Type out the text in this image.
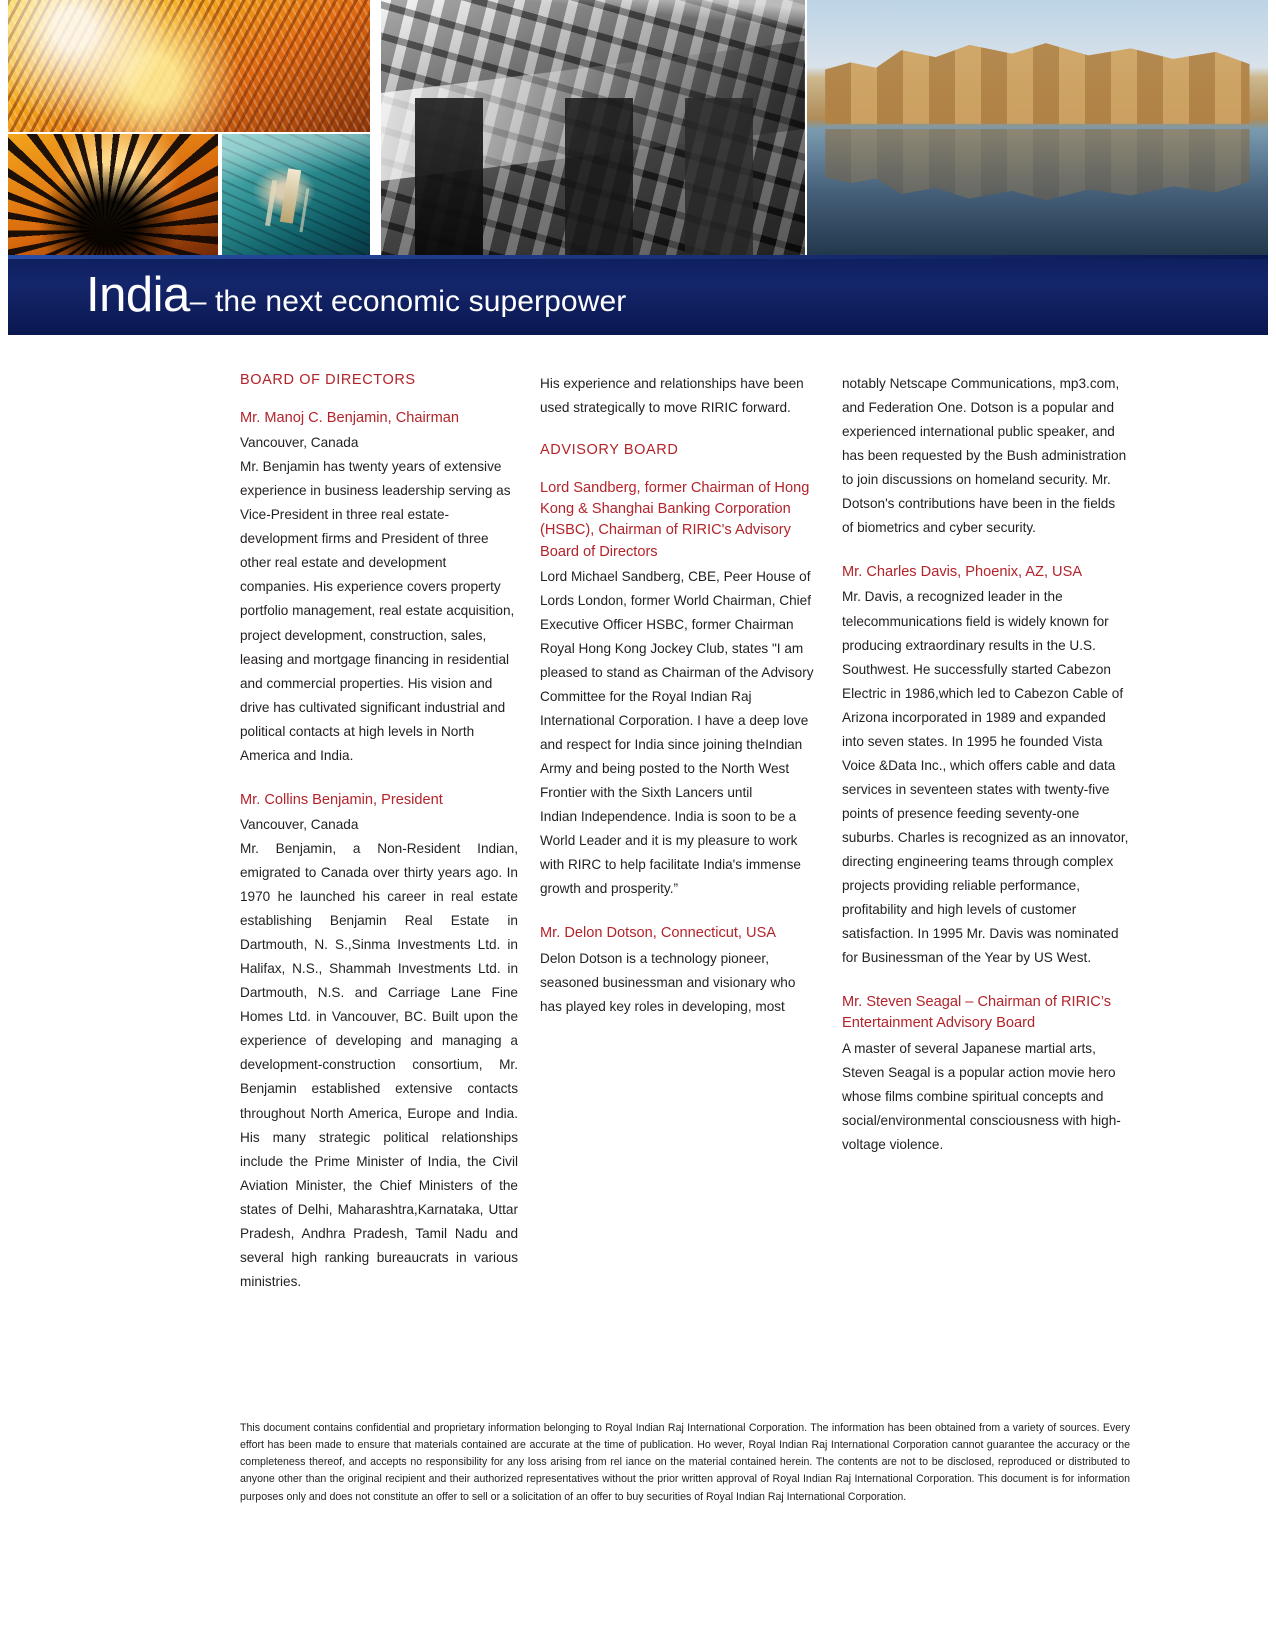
India– the next economic superpower
BOARD OF DIRECTORS
Mr. Manoj C. Benjamin, Chairman

Vancouver, Canada

Mr. Benjamin has twenty years of extensive experience in business leadership serving as Vice-President in three real estate-development firms and President of three other real estate and development companies. His experience covers property portfolio management, real estate acquisition, project development, construction, sales, leasing and mortgage financing in residential and commercial properties. His vision and drive has cultivated significant industrial and political contacts at high levels in North America and India.

Mr. Collins Benjamin, President

Vancouver, Canada

Mr. Benjamin, a Non-Resident Indian, emigrated to Canada over thirty years ago. In 1970 he launched his career in real estate establishing Benjamin Real Estate in Dartmouth, N. S.,Sinma Investments Ltd. in Halifax, N.S., Shammah Investments Ltd. in Dartmouth, N.S. and Carriage Lane Fine Homes Ltd. in Vancouver, BC. Built upon the experience of developing and managing a development-construction consortium, Mr. Benjamin established extensive contacts throughout North America, Europe and India. His many strategic political relationships include the Prime Minister of India, the Civil Aviation Minister, the Chief Ministers of the states of Delhi, Maharashtra,Karnataka, Uttar Pradesh, Andhra Pradesh, Tamil Nadu and several high ranking bureaucrats in various ministries.

His experience and relationships have been used strategically to move RIRIC forward.

ADVISORY BOARD
Lord Sandberg, former Chairman of Hong Kong & Shanghai Banking Corporation (HSBC), Chairman of RIRIC's Advisory Board of Directors

Lord Michael Sandberg, CBE, Peer House of Lords London, former World Chairman, Chief Executive Officer HSBC, former Chairman Royal Hong Kong Jockey Club, states "I am pleased to stand as Chairman of the Advisory Committee for the Royal Indian Raj International Corporation. I have a deep love and respect for India since joining theIndian Army and being posted to the North West Frontier with the Sixth Lancers until

Indian Independence. India is soon to be a World Leader and it is my pleasure to work with RIRC to help facilitate India's immense growth and prosperity.”

Mr. Delon Dotson, Connecticut, USA

Delon Dotson is a technology pioneer, seasoned businessman and visionary who has played key roles in developing, most

notably Netscape Communications, mp3.com, and Federation One. Dotson is a popular and experienced international public speaker, and has been requested by the Bush administration to join discussions on homeland security. Mr. Dotson's contributions have been in the fields of biometrics and cyber security.

Mr. Charles Davis, Phoenix, AZ, USA

Mr. Davis, a recognized leader in the telecommunications field is widely known for producing extraordinary results in the U.S. Southwest. He successfully started Cabezon Electric in 1986,which led to Cabezon Cable of Arizona incorporated in 1989 and expanded into seven states. In 1995 he founded Vista Voice &Data Inc., which offers cable and data services in seventeen states with twenty-five points of presence feeding seventy-one suburbs. Charles is recognized as an innovator, directing engineering teams through complex projects providing reliable performance, profitability and high levels of customer satisfaction. In 1995 Mr. Davis was nominated for Businessman of the Year by US West.

Mr. Steven Seagal – Chairman of RIRIC’s Entertainment Advisory Board

A master of several Japanese martial arts, Steven Seagal is a popular action movie hero whose films combine spiritual concepts and social/environmental consciousness with high-voltage violence.

This document contains confidential and proprietary information belonging to Royal Indian Raj International Corporation. The information has been obtained from a variety of sources. Every effort has been made to ensure that materials contained are accurate at the time of publication. Ho wever, Royal Indian Raj International Corporation cannot guarantee the accuracy or the completeness thereof, and accepts no responsibility for any loss arising from rel iance on the material contained herein. The contents are not to be disclosed, reproduced or distributed to anyone other than the original recipient and their authorized representatives without the prior written approval of Royal Indian Raj International Corporation. This document is for information purposes only and does not constitute an offer to sell or a solicitation of an offer to buy securities of Royal Indian Raj International Corporation.
